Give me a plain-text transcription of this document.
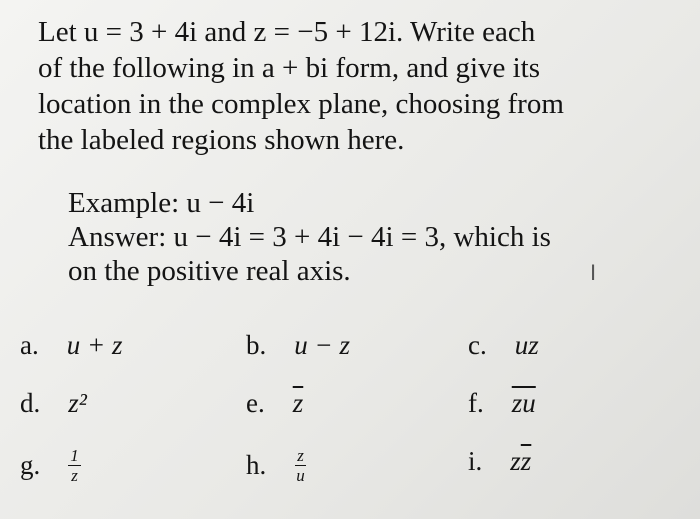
Let u = 3 + 4i and z = −5 + 12i. Write each
of the following in a + bi form, and give its
location in the complex plane, choosing from
the labeled regions shown here.
Example: u − 4i
Answer: u − 4i = 3 + 4i − 4i = 3, which is
on the positive real axis.	I
a. u + z	b. u − z	c. uz
d. z²	e. $\overline{z}$	f. $\overline{zu}$
g. $\frac{1}{z}$	h. $\frac{z}{u}$	i. $z\overline{z}$
